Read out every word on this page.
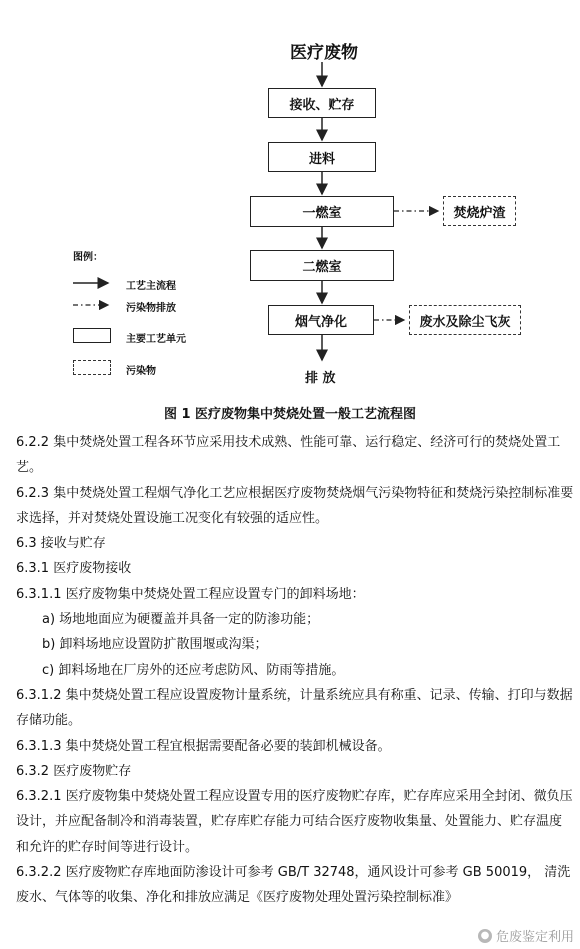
医疗废物
接收、贮存
进料
一燃室
二燃室
烟气净化
焚烧炉渣
废水及除尘飞灰
排 放
图例：
工艺主流程
污染物排放
主要工艺单元
污染物
图 1 医疗废物集中焚烧处置一般工艺流程图

6.2.2 集中焚烧处置工程各环节应采用技术成熟、性能可靠、运行稳定、经济可行的焚烧处置工艺。

6.2.3 集中焚烧处置工程烟气净化工艺应根据医疗废物焚烧烟气污染物特征和焚烧污染控制标准要求选择，并对焚烧处置设施工况变化有较强的适应性。

6.3 接收与贮存

6.3.1 医疗废物接收

6.3.1.1 医疗废物集中焚烧处置工程应设置专门的卸料场地：

a) 场地地面应为硬覆盖并具备一定的防渗功能；

b) 卸料场地应设置防扩散围堰或沟渠；

c) 卸料场地在厂房外的还应考虑防风、防雨等措施。

6.3.1.2 集中焚烧处置工程应设置废物计量系统，计量系统应具有称重、记录、传输、打印与数据存储功能。

6.3.1.3 集中焚烧处置工程宜根据需要配备必要的装卸机械设备。

6.3.2 医疗废物贮存

6.3.2.1 医疗废物集中焚烧处置工程应设置专用的医疗废物贮存库，贮存库应采用全封闭、微负压设计，并应配备制冷和消毒装置，贮存库贮存能力可结合医疗废物收集量、处置能力、贮存温度和允许的贮存时间等进行设计。

6.3.2.2 医疗废物贮存库地面防渗设计可参考 GB/T 32748，通风设计可参考 GB 50019， 清洗废水、气体等的收集、净化和排放应满足《医疗废物处理处置污染控制标准》

● 危废鉴定利用
